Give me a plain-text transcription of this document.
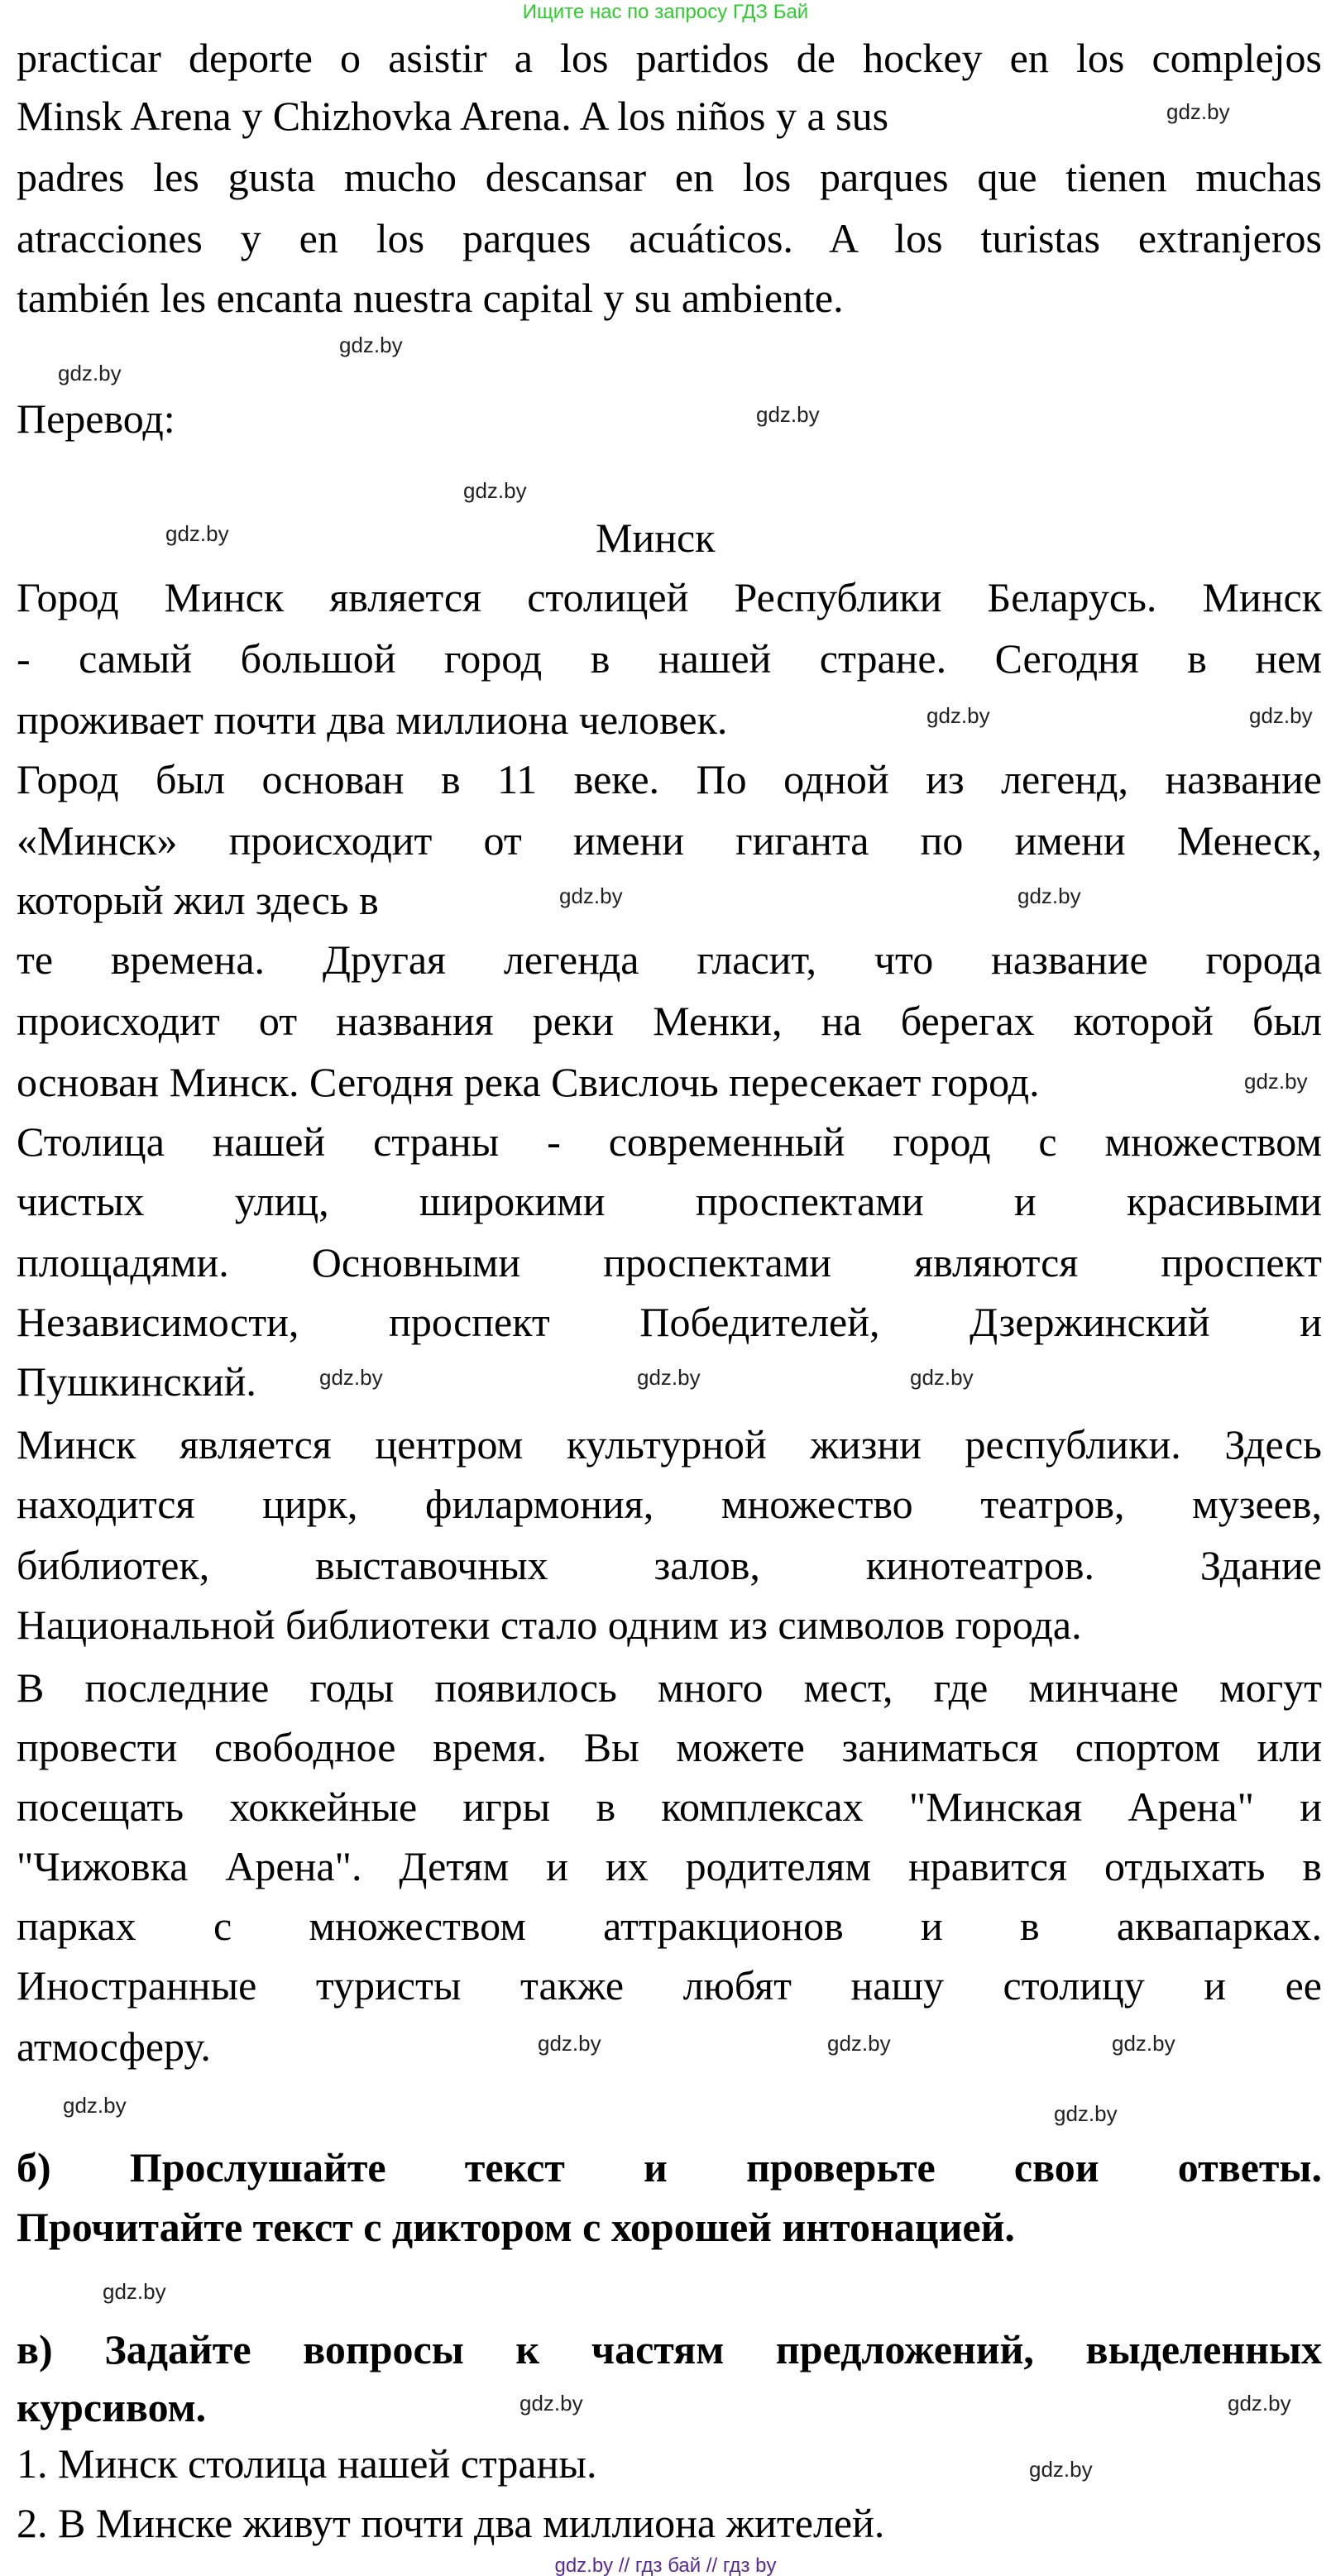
Ищите нас по запросу ГДЗ Бай
practicar deporte o asistir a los partidos de hockey en los complejos
Minsk Arena y Chizhovka Arena. A los niños y a sus
padres les gusta mucho descansar en los parques que tienen muchas
atracciones y en los parques acuáticos. A los turistas extranjeros
también les encanta nuestra capital y su ambiente.
Перевод:
Минск
Город Минск является столицей Республики Беларусь. Минск
- самый большой город в нашей стране. Сегодня в нем
проживает почти два миллиона человек.
Город был основан в 11 веке. По одной из легенд, название
«Минск» происходит от имени гиганта по имени Менеск,
который жил здесь в
те времена. Другая легенда гласит, что название города
происходит от названия реки Менки, на берегах которой был
основан Минск. Сегодня река Свислочь пересекает город.
Столица нашей страны - современный город с множеством
чистых улиц, широкими проспектами и красивыми
площадями. Основными проспектами являются проспект
Независимости, проспект Победителей, Дзержинский и
Пушкинский.
Минск является центром культурной жизни республики. Здесь
находится цирк, филармония, множество театров, музеев,
библиотек, выставочных залов, кинотеатров. Здание
Национальной библиотеки стало одним из символов города.
В последние годы появилось много мест, где минчане могут
провести свободное время. Вы можете заниматься спортом или
посещать хоккейные игры в комплексах "Минская Арена" и
"Чижовка Арена". Детям и их родителям нравится отдыхать в
парках с множеством аттракционов и в аквапарках.
Иностранные туристы также любят нашу столицу и ее
атмосферу.
б) Прослушайте текст и проверьте свои ответы.
Прочитайте текст с диктором с хорошей интонацией.
в) Задайте вопросы к частям предложений, выделенных
курсивом.
1. Минск столица нашей страны.
2. В Минске живут почти два миллиона жителей.
gdz.by
gdz.by
gdz.by
gdz.by
gdz.by
gdz.by
gdz.by
gdz.by
gdz.by	gdz.by
gdz.by
gdz.by
gdz.by
gdz.by
gdz.by	gdz.by
gdz.by
gdz.by	gdz.by
gdz.by
gdz.by
gdz.by
gdz.by
gdz.by // гдз бай // гдз by
